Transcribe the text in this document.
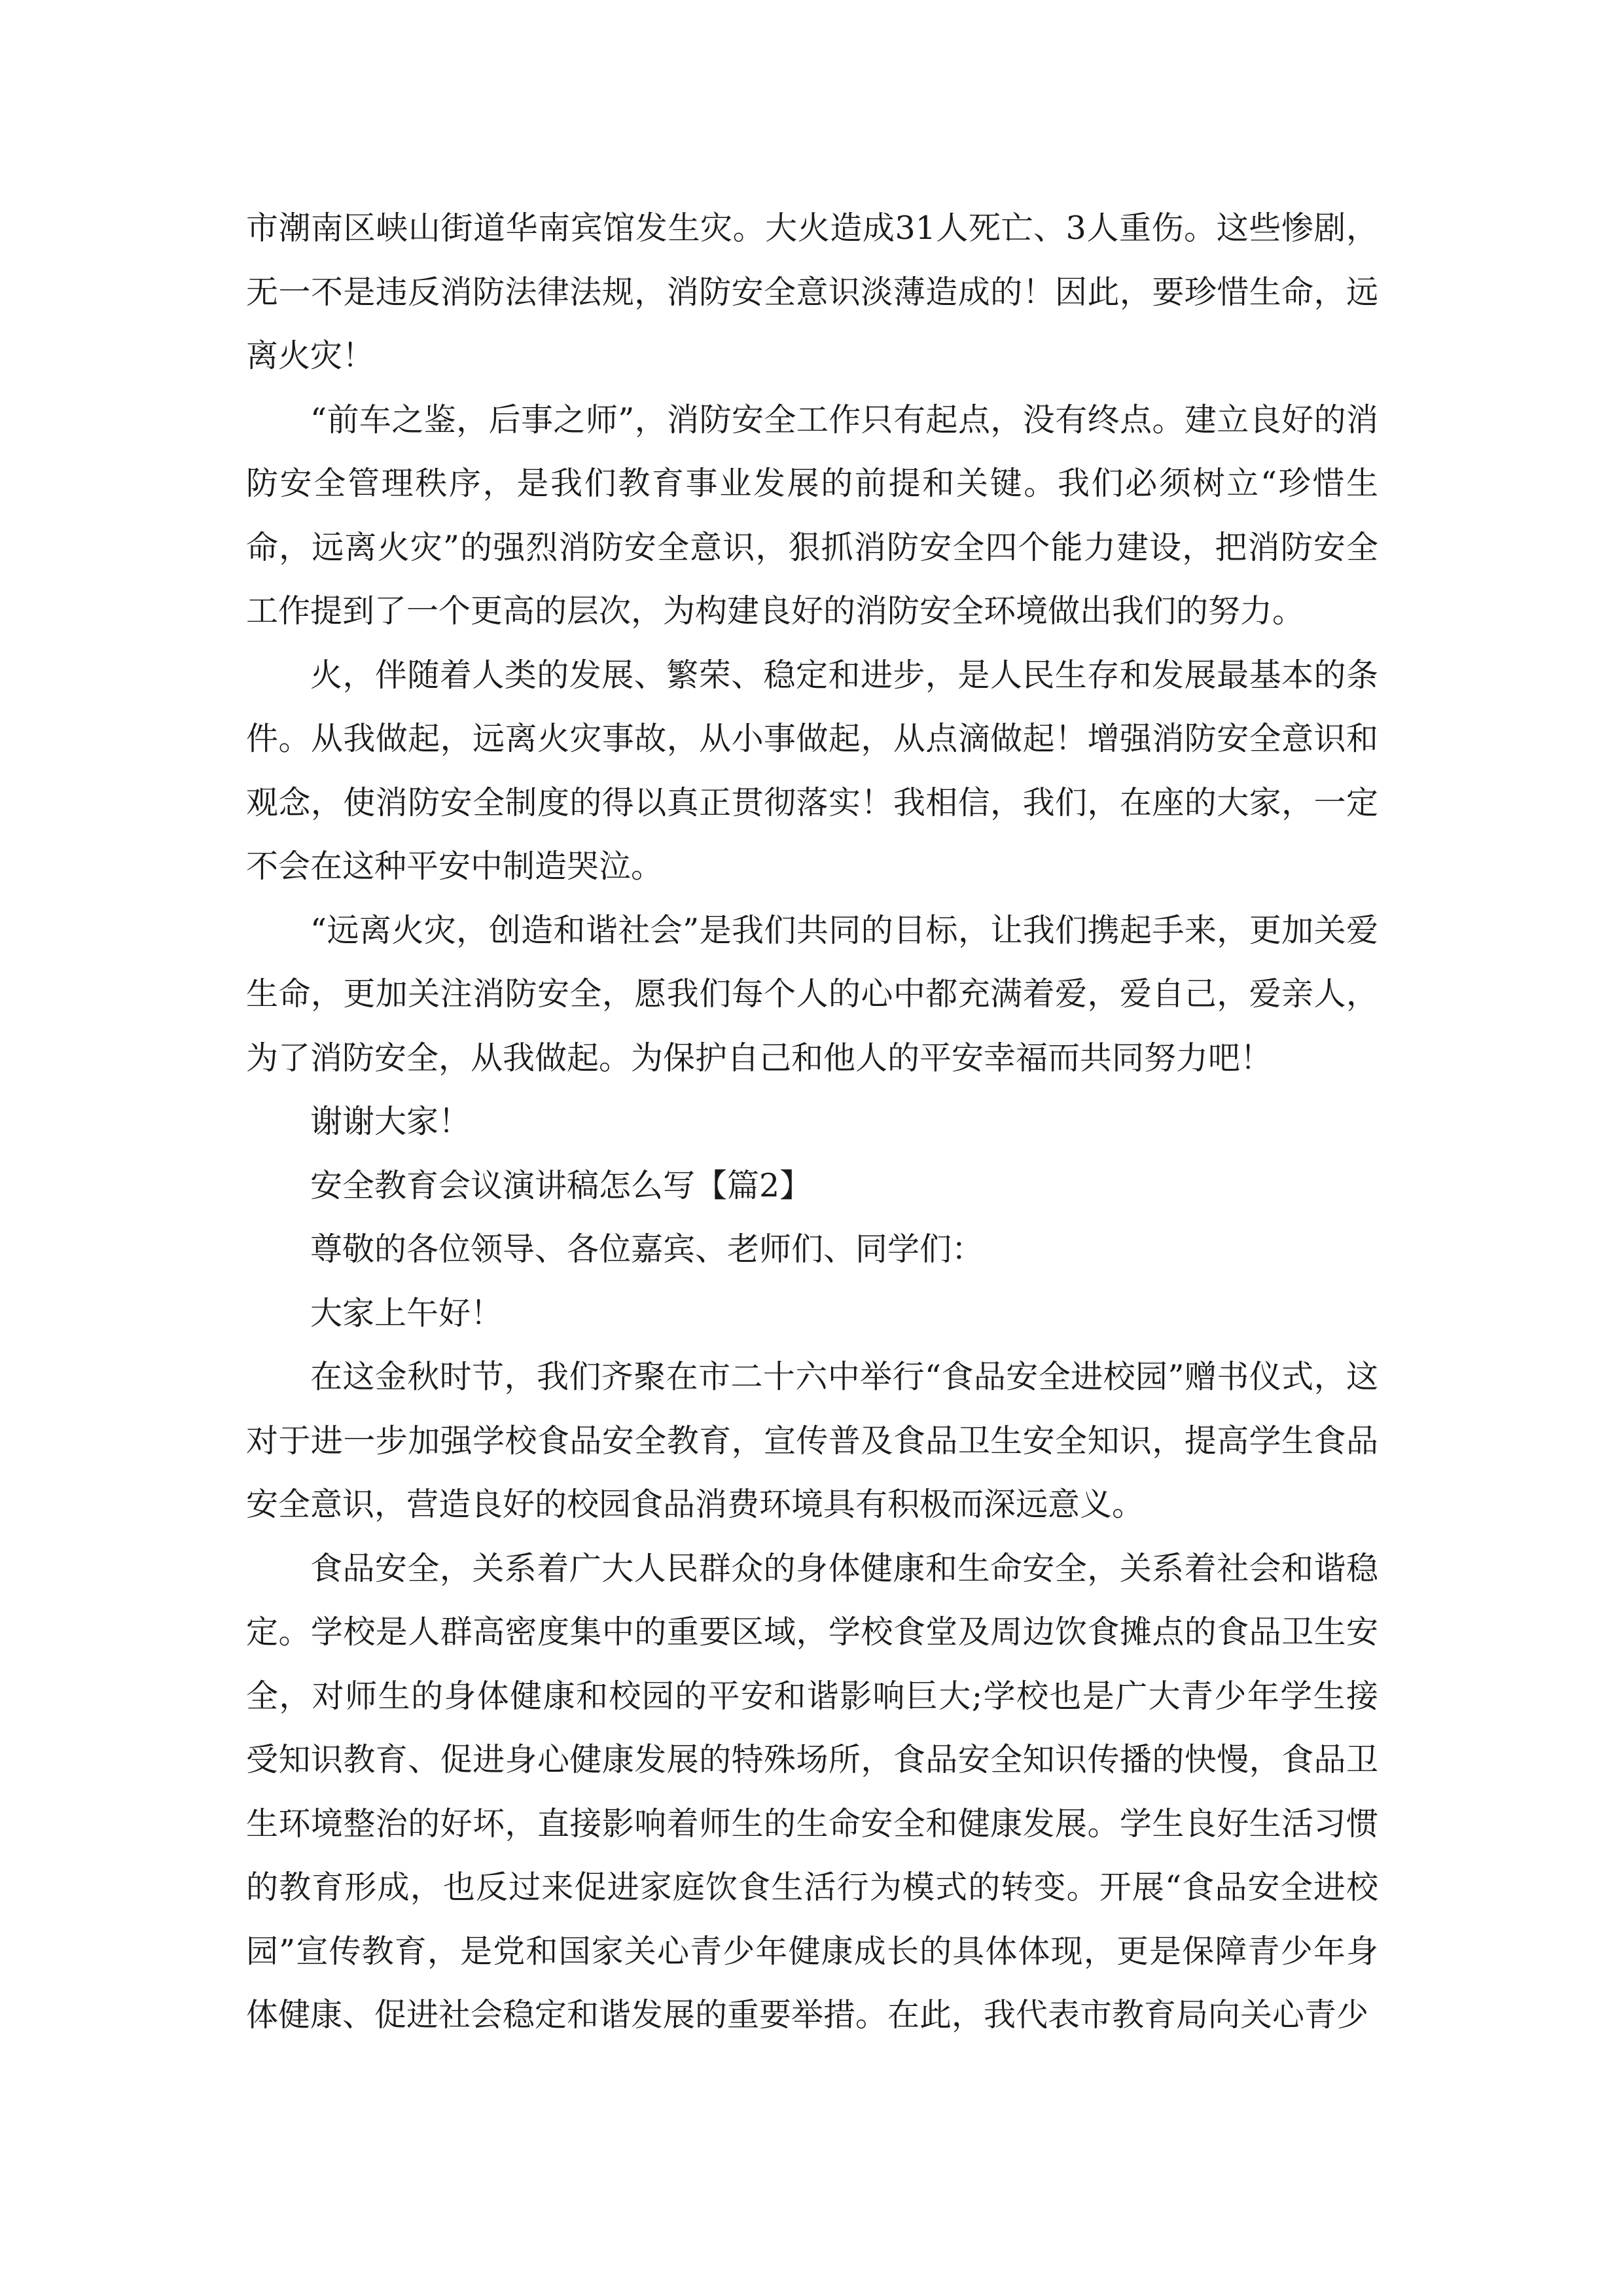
市潮南区峡山街道华南宾馆发生灾。大火造成31人死亡、3人重伤。这些惨剧，无一不是违反消防法律法规，消防安全意识淡薄造成的！因此，要珍惜生命，远离火灾！

“前车之鉴，后事之师”，消防安全工作只有起点，没有终点。建立良好的消防安全管理秩序，是我们教育事业发展的前提和关键。我们必须树立“珍惜生命，远离火灾”的强烈消防安全意识，狠抓消防安全四个能力建设，把消防安全工作提到了一个更高的层次，为构建良好的消防安全环境做出我们的努力。

火，伴随着人类的发展、繁荣、稳定和进步，是人民生存和发展最基本的条件。从我做起，远离火灾事故，从小事做起，从点滴做起！增强消防安全意识和观念，使消防安全制度的得以真正贯彻落实！我相信，我们，在座的大家，一定不会在这种平安中制造哭泣。

“远离火灾，创造和谐社会”是我们共同的目标，让我们携起手来，更加关爱生命，更加关注消防安全，愿我们每个人的心中都充满着爱，爱自己，爱亲人，为了消防安全，从我做起。为保护自己和他人的平安幸福而共同努力吧！

谢谢大家！

安全教育会议演讲稿怎么写【篇2】

尊敬的各位领导、各位嘉宾、老师们、同学们：

大家上午好！

在这金秋时节，我们齐聚在市二十六中举行“食品安全进校园”赠书仪式，这对于进一步加强学校食品安全教育，宣传普及食品卫生安全知识，提高学生食品安全意识，营造良好的校园食品消费环境具有积极而深远意义。

食品安全，关系着广大人民群众的身体健康和生命安全，关系着社会和谐稳定。学校是人群高密度集中的重要区域，学校食堂及周边饮食摊点的食品卫生安全，对师生的身体健康和校园的平安和谐影响巨大;学校也是广大青少年学生接受知识教育、促进身心健康发展的特殊场所，食品安全知识传播的快慢，食品卫生环境整治的好坏，直接影响着师生的生命安全和健康发展。学生良好生活习惯的教育形成，也反过来促进家庭饮食生活行为模式的转变。开展“食品安全进校园”宣传教育，是党和国家关心青少年健康成长的具体体现，更是保障青少年身体健康、促进社会稳定和谐发展的重要举措。在此，我代表市教育局向关心青少
